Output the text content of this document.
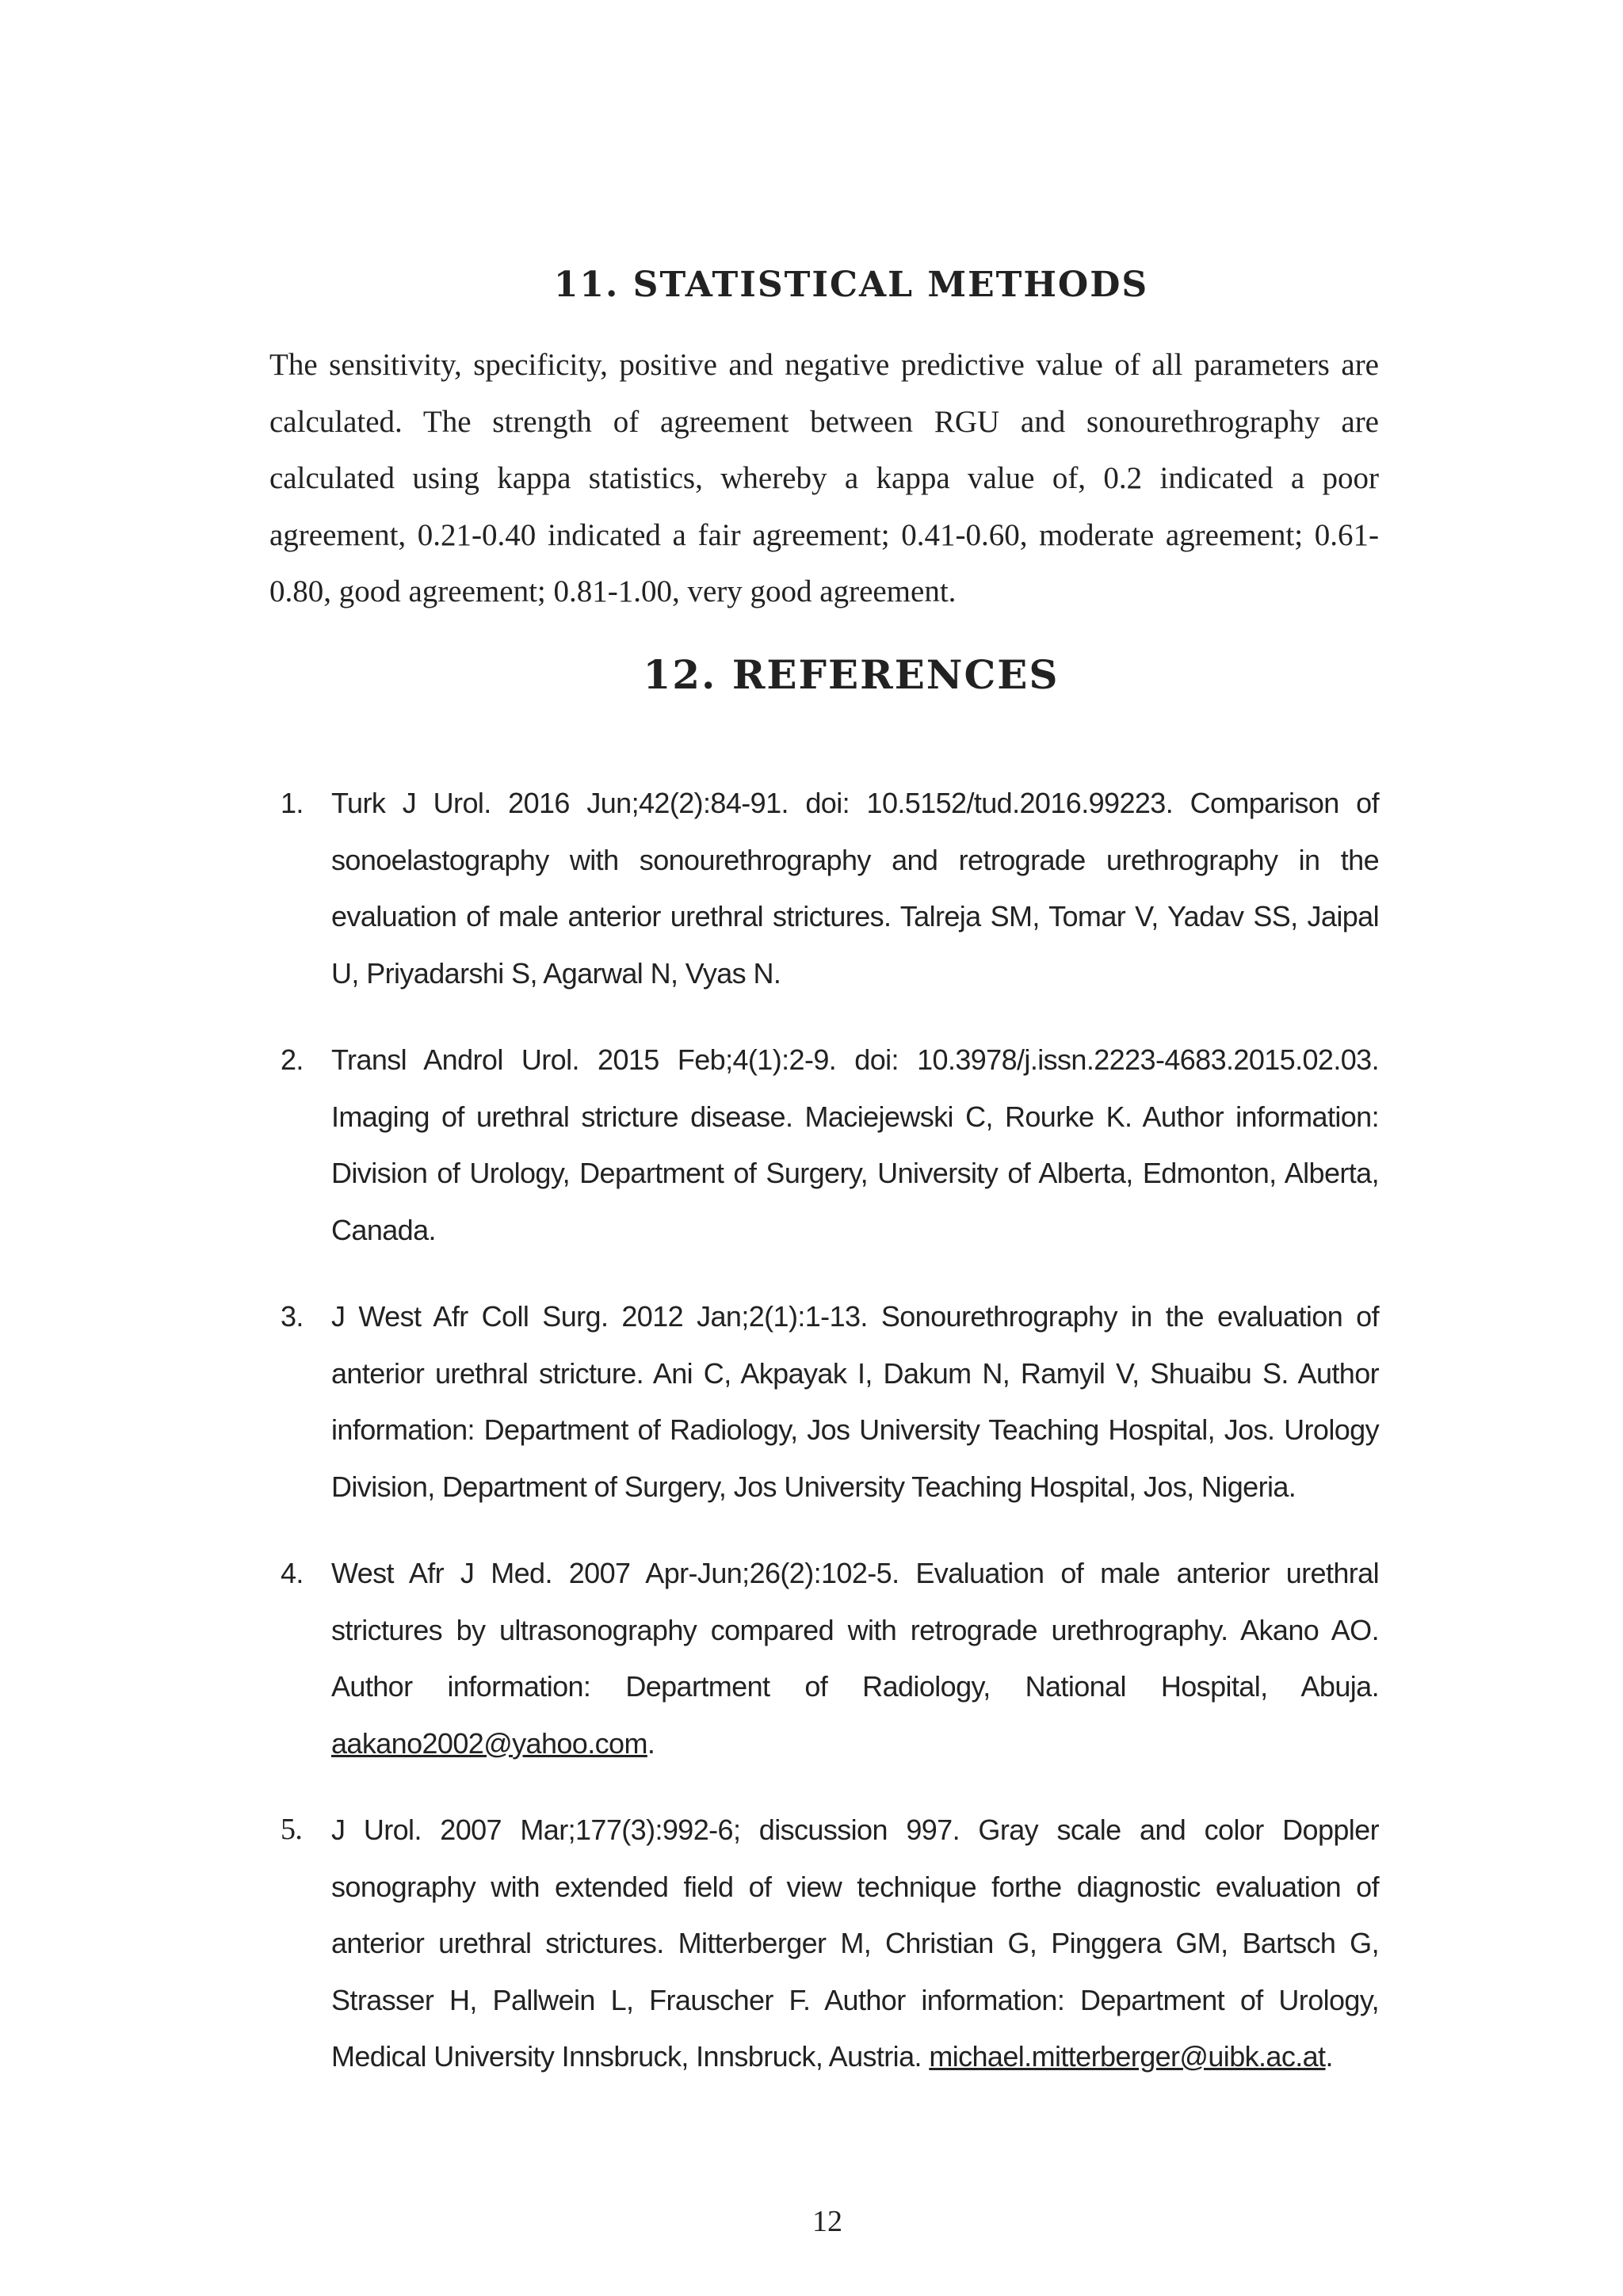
11. STATISTICAL METHODS

The sensitivity, specificity, positive and negative predictive value of all parameters are calculated. The strength of agreement between RGU and sonourethrography are calculated using kappa statistics, whereby a kappa value of, 0.2 indicated a poor agreement, 0.21-0.40 indicated a fair agreement; 0.41-0.60, moderate agreement; 0.61-0.80, good agreement; 0.81-1.00, very good agreement.

12. REFERENCES
1. Turk J Urol. 2016 Jun;42(2):84-91. doi: 10.5152/tud.2016.99223. Comparison of sonoelastography with sonourethrography and retrograde urethrography in the evaluation of male anterior urethral strictures. Talreja SM, Tomar V, Yadav SS, Jaipal U, Priyadarshi S, Agarwal N, Vyas N.
2. Transl Androl Urol. 2015 Feb;4(1):2-9. doi: 10.3978/j.issn.2223-4683.2015.02.03. Imaging of urethral stricture disease. Maciejewski C, Rourke K. Author information: Division of Urology, Department of Surgery, University of Alberta, Edmonton, Alberta, Canada.
3. J West Afr Coll Surg. 2012 Jan;2(1):1-13. Sonourethrography in the evaluation of anterior urethral stricture. Ani C, Akpayak I, Dakum N, Ramyil V, Shuaibu S. Author information: Department of Radiology, Jos University Teaching Hospital, Jos. Urology Division, Department of Surgery, Jos University Teaching Hospital, Jos, Nigeria.
4. West Afr J Med. 2007 Apr-Jun;26(2):102-5. Evaluation of male anterior urethral strictures by ultrasonography compared with retrograde urethrography. Akano AO. Author information: Department of Radiology, National Hospital, Abuja. aakano2002@yahoo.com.
5. J Urol. 2007 Mar;177(3):992-6; discussion 997. Gray scale and color Doppler sonography with extended field of view technique forthe diagnostic evaluation of anterior urethral strictures. Mitterberger M, Christian G, Pinggera GM, Bartsch G, Strasser H, Pallwein L, Frauscher F. Author information: Department of Urology, Medical University Innsbruck, Innsbruck, Austria. michael.mitterberger@uibk.ac.at.
12
